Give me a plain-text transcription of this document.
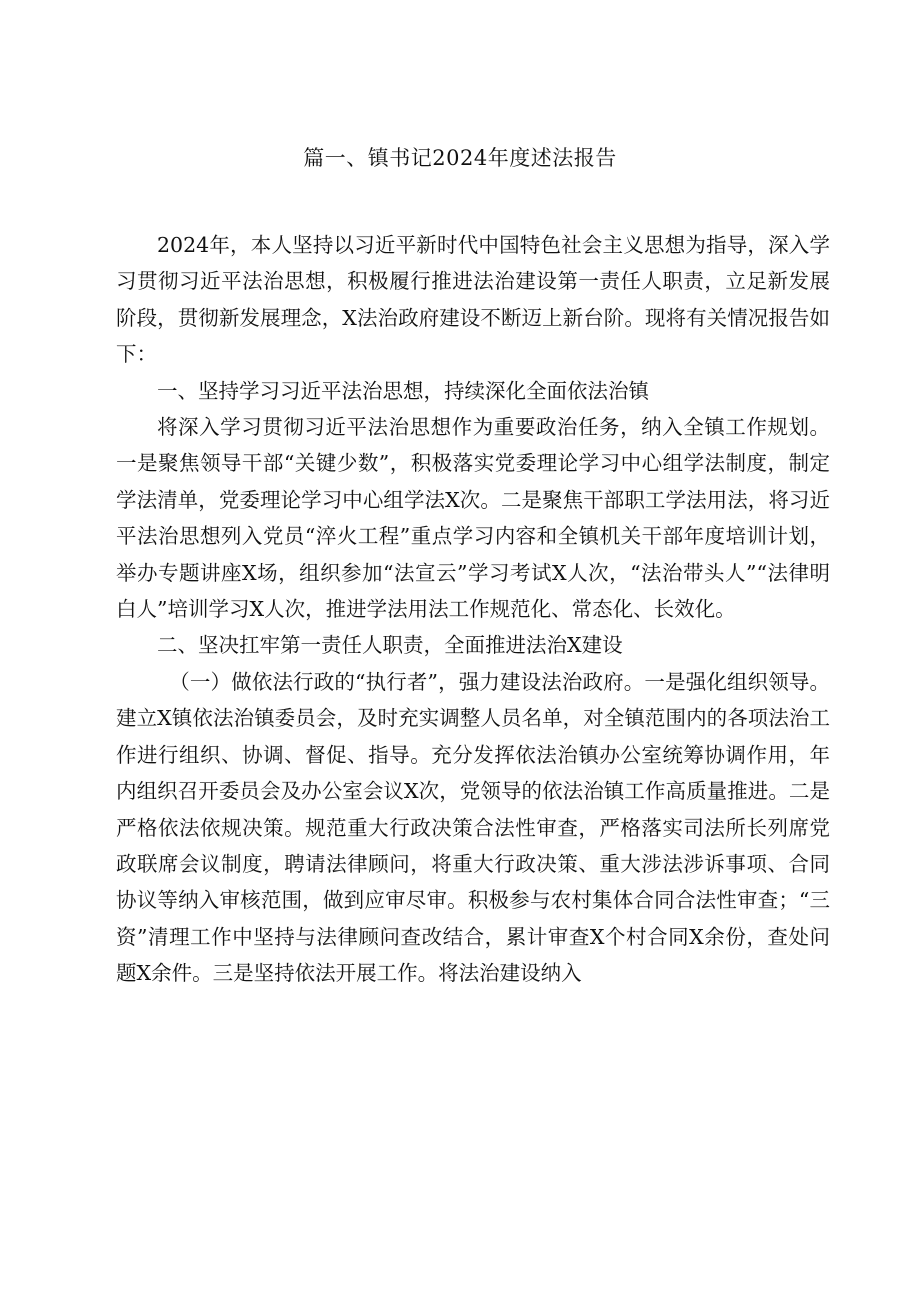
篇一、镇书记2024年度述法报告

2024年，本人坚持以习近平新时代中国特色社会主义思想为指导，深入学习贯彻习近平法治思想，积极履行推进法治建设第一责任人职责，立足新发展阶段，贯彻新发展理念，X法治政府建设不断迈上新台阶。现将有关情况报告如下：

一、坚持学习习近平法治思想，持续深化全面依法治镇

将深入学习贯彻习近平法治思想作为重要政治任务，纳入全镇工作规划。一是聚焦领导干部“关键少数”，积极落实党委理论学习中心组学法制度，制定学法清单，党委理论学习中心组学法X次。二是聚焦干部职工学法用法，将习近平法治思想列入党员“淬火工程”重点学习内容和全镇机关干部年度培训计划，举办专题讲座X场，组织参加“法宣云”学习考试X人次，“法治带头人”“法律明白人”培训学习X人次，推进学法用法工作规范化、常态化、长效化。

二、坚决扛牢第一责任人职责，全面推进法治X建设

（一）做依法行政的“执行者”，强力建设法治政府。一是强化组织领导。建立X镇依法治镇委员会，及时充实调整人员名单，对全镇范围内的各项法治工作进行组织、协调、督促、指导。充分发挥依法治镇办公室统筹协调作用，年内组织召开委员会及办公室会议X次，党领导的依法治镇工作高质量推进。二是严格依法依规决策。规范重大行政决策合法性审查，严格落实司法所长列席党政联席会议制度，聘请法律顾问，将重大行政决策、重大涉法涉诉事项、合同协议等纳入审核范围，做到应审尽审。积极参与农村集体合同合法性审查；“三资”清理工作中坚持与法律顾问查改结合，累计审查X个村合同X余份，查处问题X余件。三是坚持依法开展工作。将法治建设纳入
